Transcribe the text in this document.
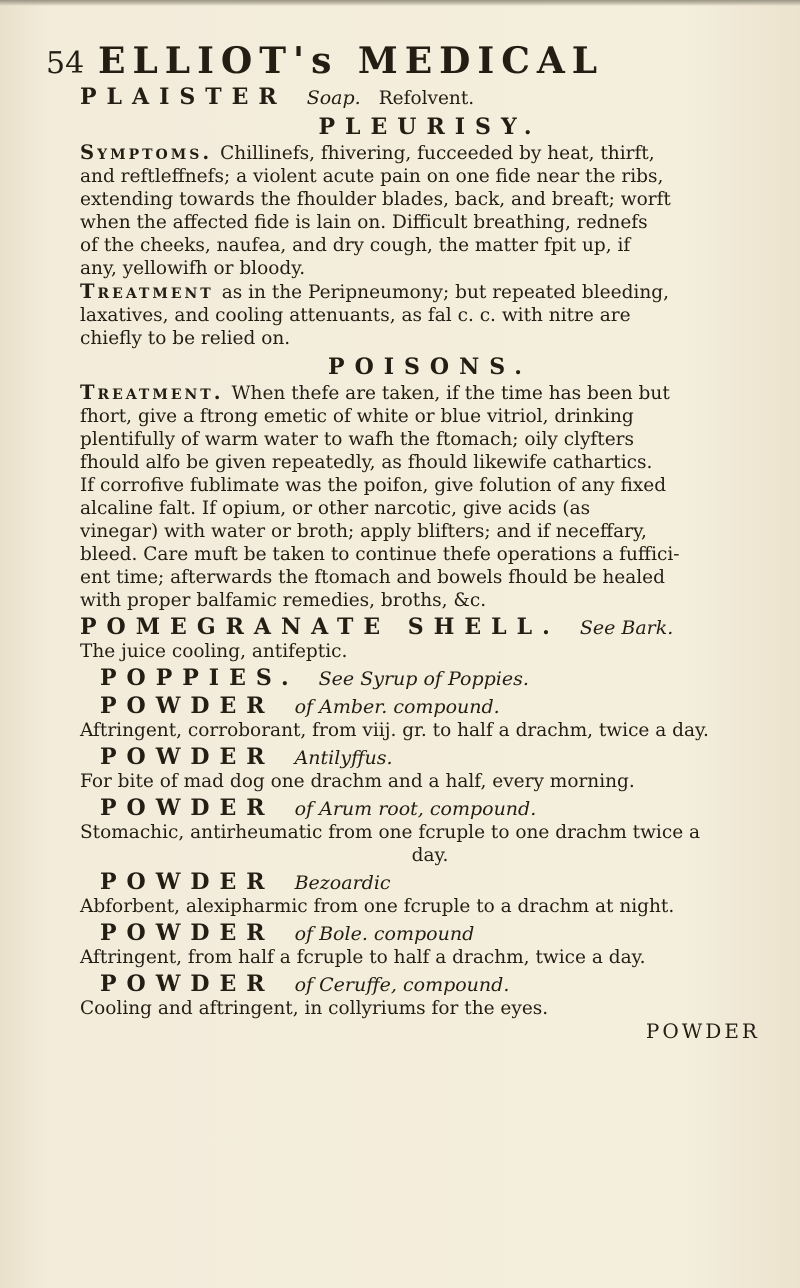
54 ELLIOT's MEDICAL
PLAISTER Soap. Refolvent.
PLEURISY.
Symptoms. Chillinefs, fhivering, fucceeded by heat, thirft,
and reftleffnefs; a violent acute pain on one fide near the ribs,
extending towards the fhoulder blades, back, and breaft; worft
when the affected fide is lain on. Difficult breathing, rednefs
of the cheeks, naufea, and dry cough, the matter fpit up, if
any, yellowifh or bloody.
Treatment as in the Peripneumony; but repeated bleeding,
laxatives, and cooling attenuants, as fal c. c. with nitre are
chiefly to be relied on.
POISONS.
Treatment. When thefe are taken, if the time has been but
fhort, give a ftrong emetic of white or blue vitriol, drinking
plentifully of warm water to wafh the ftomach; oily clyfters
fhould alfo be given repeatedly, as fhould likewife cathartics.
If corrofive fublimate was the poifon, give folution of any fixed
alcaline falt. If opium, or other narcotic, give acids (as
vinegar) with water or broth; apply blifters; and if neceffary,
bleed. Care muft be taken to continue thefe operations a fuffici-
ent time; afterwards the ftomach and bowels fhould be healed
with proper balfamic remedies, broths, &c.
POMEGRANATE SHELL. See Bark.
The juice cooling, antifeptic.
POPPIES. See Syrup of Poppies.
POWDER of Amber. compound.
Aftringent, corroborant, from viij. gr. to half a drachm, twice a day.
POWDER Antilyffus.
For bite of mad dog one drachm and a half, every morning.
POWDER of Arum root, compound.
Stomachic, antirheumatic from one fcruple to one drachm twice a
day.
POWDER Bezoardic
Abforbent, alexipharmic from one fcruple to a drachm at night.
POWDER of Bole. compound
Aftringent, from half a fcruple to half a drachm, twice a day.
POWDER of Ceruffe, compound.
Cooling and aftringent, in collyriums for the eyes.
POWDER
